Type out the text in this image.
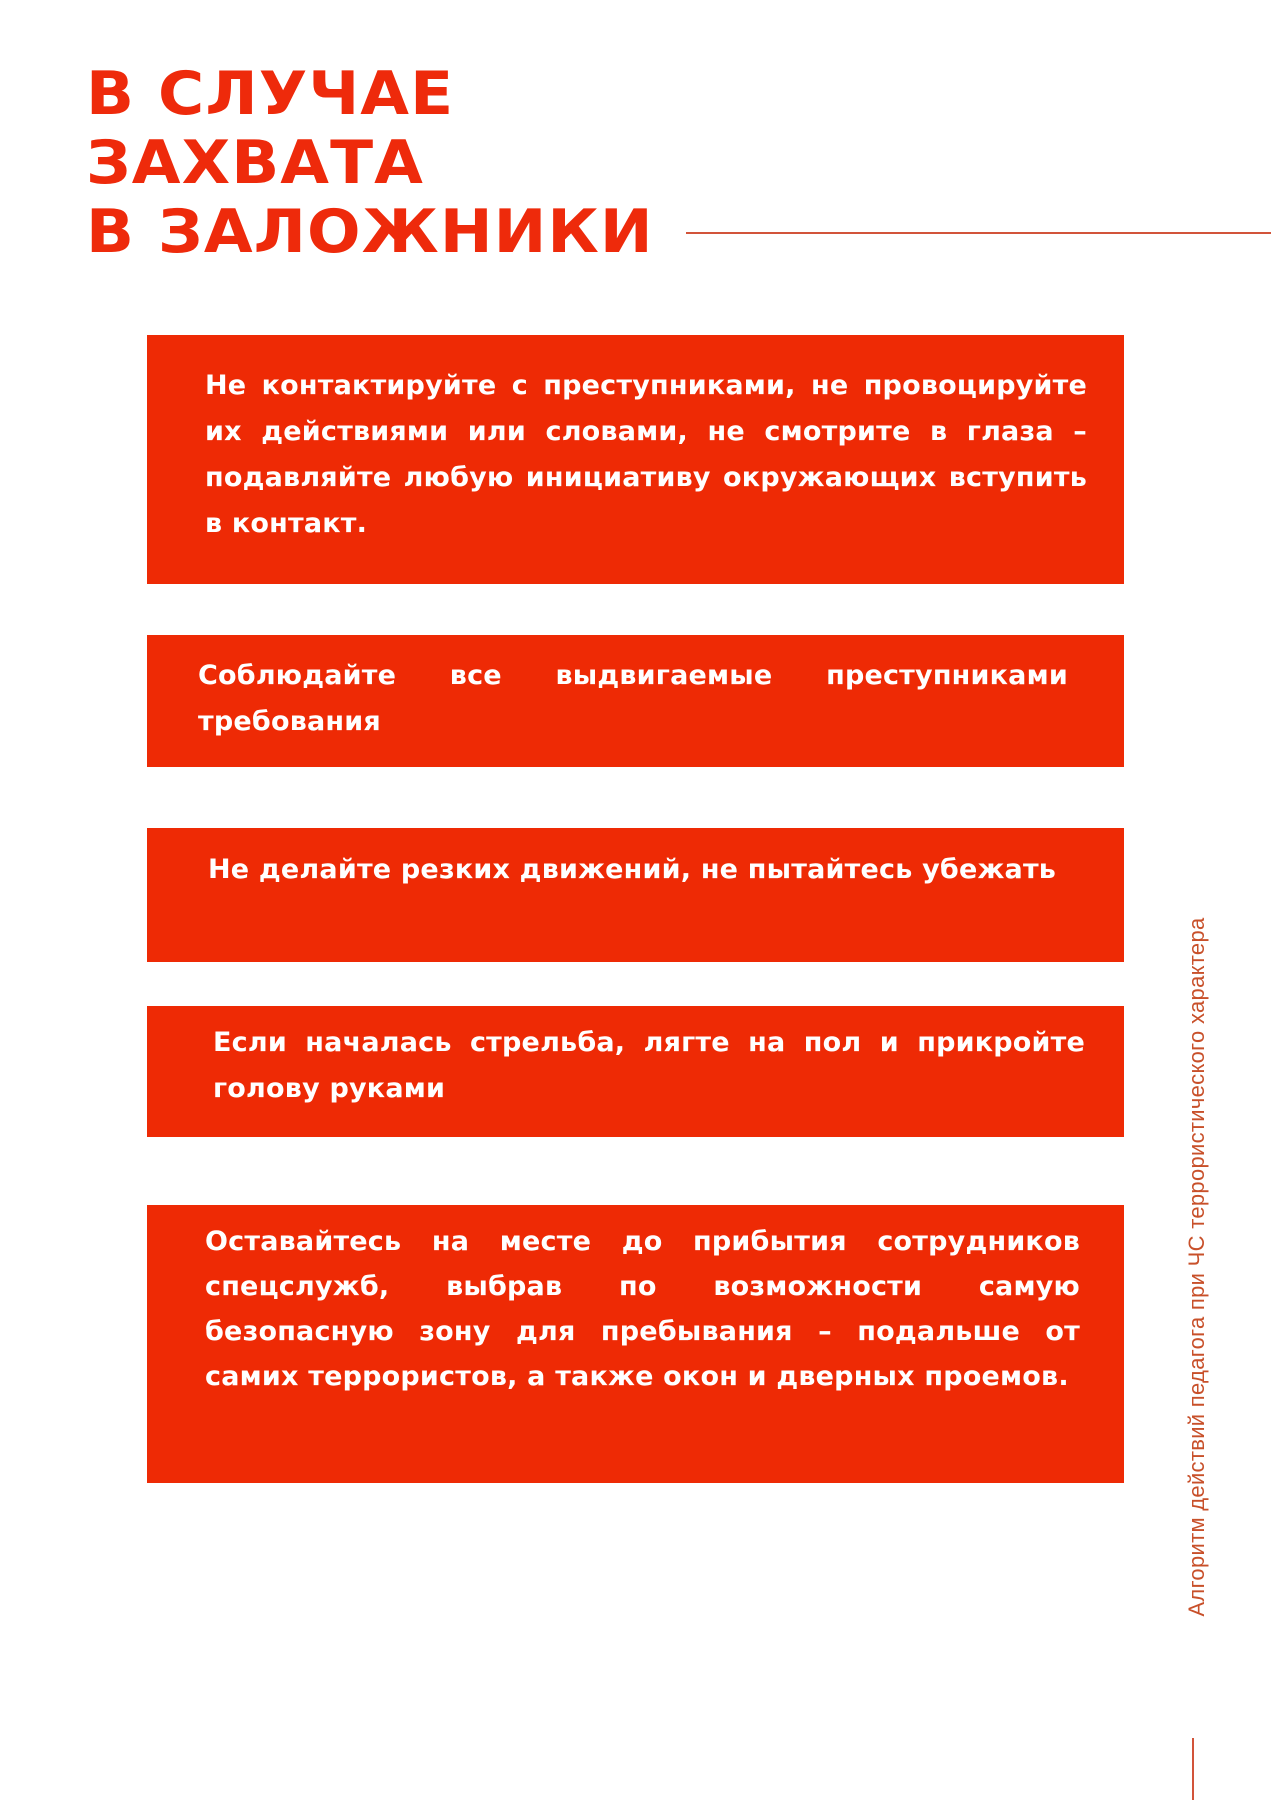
В СЛУЧАЕ
ЗАХВАТА
В ЗАЛОЖНИКИ
Не контактируйте с преступниками, не провоцируйте их действиями или словами, не смотрите в глаза – подавляйте любую инициативу окружающих вступить в контакт.
Соблюдайте все выдвигаемые преступниками требования
Не делайте резких движений, не пытайтесь убежать
Если началась стрельба, лягте на пол и прикройте голову руками
Оставайтесь на месте до прибытия сотрудников спецслужб, выбрав по возможности самую безопасную зону для пребывания – подальше от самих террористов, а также окон и дверных проемов.	Алгоритм действий педагога при ЧС террористического характера
